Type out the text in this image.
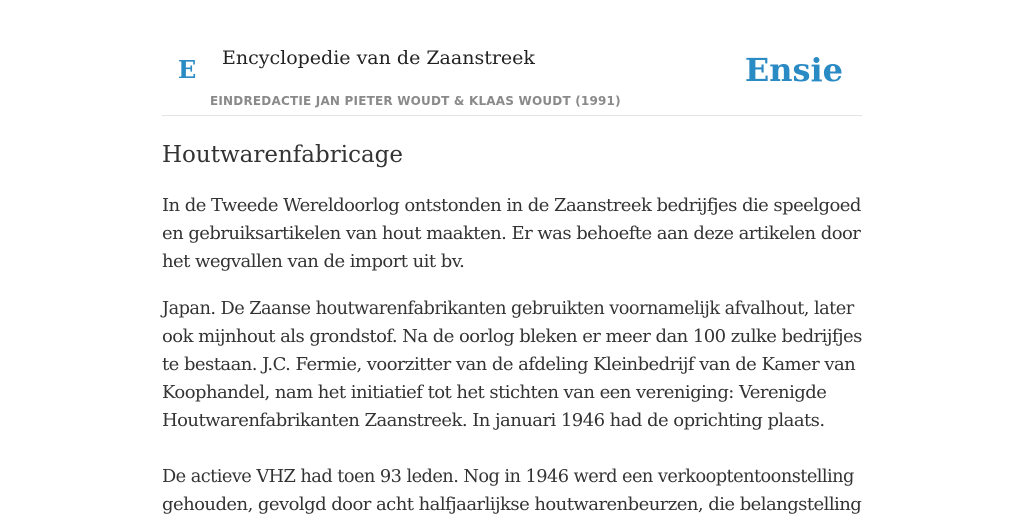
E Encyclopedie van de Zaanstreek
EINDREDACTIE JAN PIETER WOUDT & KLAAS WOUDT (1991)
Ensie
Houtwarenfabricage

In de Tweede Wereldoorlog ontstonden in de Zaanstreek bedrijfjes die speelgoed
en gebruiksartikelen van hout maakten. Er was behoefte aan deze artikelen door
het wegvallen van de import uit bv.

Japan. De Zaanse houtwarenfabrikanten gebruikten voornamelijk afvalhout, later
ook mijnhout als grondstof. Na de oorlog bleken er meer dan 100 zulke bedrijfjes
te bestaan. J.C. Fermie, voorzitter van de afdeling Kleinbedrijf van de Kamer van
Koophandel, nam het initiatief tot het stichten van een vereniging: Verenigde
Houtwarenfabrikanten Zaanstreek. In januari 1946 had de oprichting plaats.

De actieve VHZ had toen 93 leden. Nog in 1946 werd een verkooptentoonstelling
gehouden, gevolgd door acht halfjaarlijkse houtwarenbeurzen, die belangstelling
